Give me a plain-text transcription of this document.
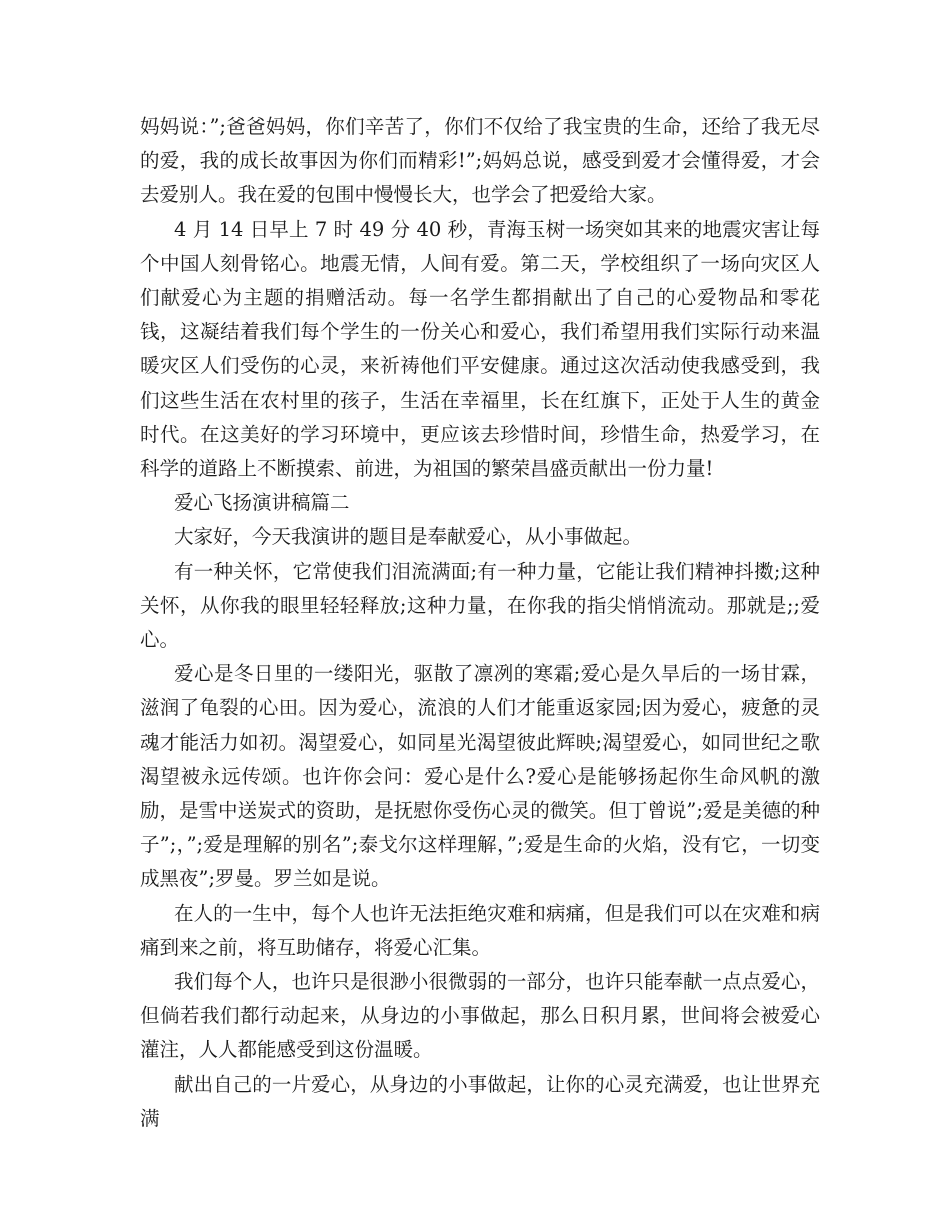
妈妈说：”;爸爸妈妈，你们辛苦了，你们不仅给了我宝贵的生命，还给了我无尽的爱，我的成长故事因为你们而精彩!”;妈妈总说，感受到爱才会懂得爱，才会去爱别人。我在爱的包围中慢慢长大，也学会了把爱给大家。

4 月 14 日早上 7 时 49 分 40 秒，青海玉树一场突如其来的地震灾害让每个中国人刻骨铭心。地震无情，人间有爱。第二天，学校组织了一场向灾区人们献爱心为主题的捐赠活动。每一名学生都捐献出了自己的心爱物品和零花钱，这凝结着我们每个学生的一份关心和爱心，我们希望用我们实际行动来温暖灾区人们受伤的心灵，来祈祷他们平安健康。通过这次活动使我感受到，我们这些生活在农村里的孩子，生活在幸福里，长在红旗下，正处于人生的黄金时代。在这美好的学习环境中，更应该去珍惜时间，珍惜生命，热爱学习，在科学的道路上不断摸索、前进，为祖国的繁荣昌盛贡献出一份力量!

爱心飞扬演讲稿篇二

大家好，今天我演讲的题目是奉献爱心，从小事做起。

有一种关怀，它常使我们泪流满面;有一种力量，它能让我们精神抖擞;这种关怀，从你我的眼里轻轻释放;这种力量，在你我的指尖悄悄流动。那就是;;爱心。

爱心是冬日里的一缕阳光，驱散了凛冽的寒霜;爱心是久旱后的一场甘霖，滋润了龟裂的心田。因为爱心，流浪的人们才能重返家园;因为爱心，疲惫的灵魂才能活力如初。渴望爱心，如同星光渴望彼此辉映;渴望爱心，如同世纪之歌渴望被永远传颂。也许你会问：爱心是什么?爱心是能够扬起你生命风帆的激励，是雪中送炭式的资助，是抚慰你受伤心灵的微笑。但丁曾说”;爱是美德的种子”;，”;爱是理解的别名”;泰戈尔这样理解，”;爱是生命的火焰，没有它，一切变成黑夜”;罗曼。罗兰如是说。

在人的一生中，每个人也许无法拒绝灾难和病痛，但是我们可以在灾难和病痛到来之前，将互助储存，将爱心汇集。

我们每个人，也许只是很渺小很微弱的一部分，也许只能奉献一点点爱心，但倘若我们都行动起来，从身边的小事做起，那么日积月累，世间将会被爱心灌注，人人都能感受到这份温暖。

献出自己的一片爱心，从身边的小事做起，让你的心灵充满爱，也让世界充满
